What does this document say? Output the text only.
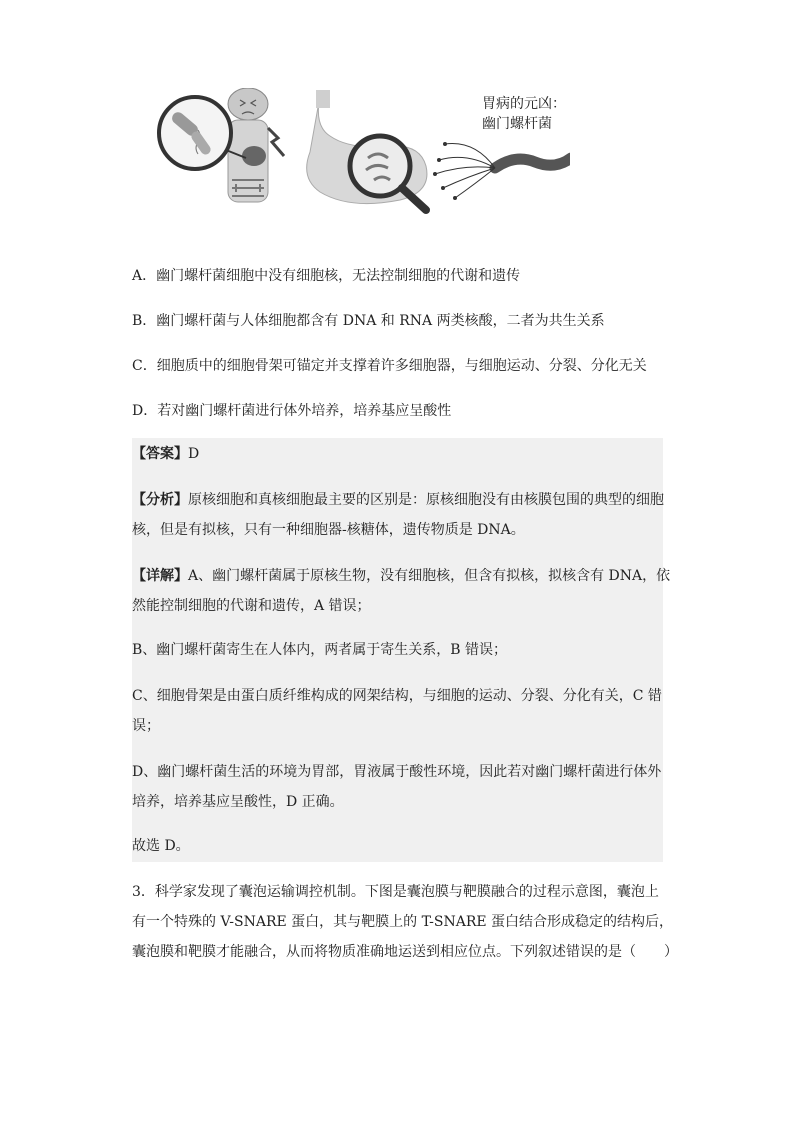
胃病的元凶：
幽门螺杆菌
A．幽门螺杆菌细胞中没有细胞核，无法控制细胞的代谢和遗传
B．幽门螺杆菌与人体细胞都含有 DNA 和 RNA 两类核酸，二者为共生关系
C．细胞质中的细胞骨架可锚定并支撑着许多细胞器，与细胞运动、分裂、分化无关
D．若对幽门螺杆菌进行体外培养，培养基应呈酸性
【答案】D
【分析】原核细胞和真核细胞最主要的区别是：原核细胞没有由核膜包围的典型的细胞
核，但是有拟核，只有一种细胞器-核糖体，遗传物质是 DNA。
【详解】A、幽门螺杆菌属于原核生物，没有细胞核，但含有拟核，拟核含有 DNA，依
然能控制细胞的代谢和遗传，A 错误；
B、幽门螺杆菌寄生在人体内，两者属于寄生关系，B 错误；
C、细胞骨架是由蛋白质纤维构成的网架结构，与细胞的运动、分裂、分化有关，C 错
误；
D、幽门螺杆菌生活的环境为胃部，胃液属于酸性环境，因此若对幽门螺杆菌进行体外
培养，培养基应呈酸性，D 正确。
故选 D。
3．科学家发现了囊泡运输调控机制。下图是囊泡膜与靶膜融合的过程示意图，囊泡上
有一个特殊的 V-SNARE 蛋白，其与靶膜上的 T-SNARE 蛋白结合形成稳定的结构后，
囊泡膜和靶膜才能融合，从而将物质准确地运送到相应位点。下列叙述错误的是（　　）
